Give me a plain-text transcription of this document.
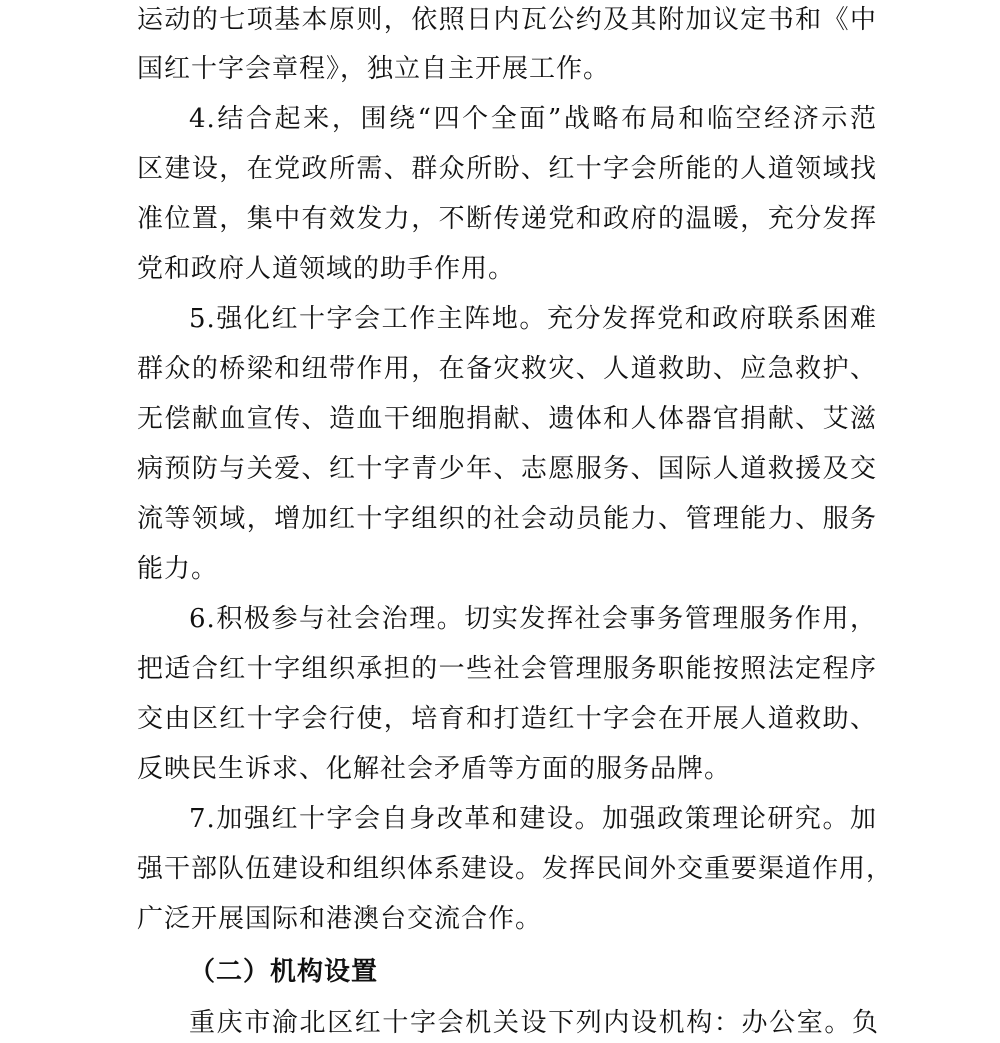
运动的七项基本原则，依照日内瓦公约及其附加议定书和《中
国红十字会章程》，独立自主开展工作。
4.结合起来，围绕“四个全面”战略布局和临空经济示范
区建设，在党政所需、群众所盼、红十字会所能的人道领域找
准位置，集中有效发力，不断传递党和政府的温暖，充分发挥
党和政府人道领域的助手作用。
5.强化红十字会工作主阵地。充分发挥党和政府联系困难
群众的桥梁和纽带作用，在备灾救灾、人道救助、应急救护、
无偿献血宣传、造血干细胞捐献、遗体和人体器官捐献、艾滋
病预防与关爱、红十字青少年、志愿服务、国际人道救援及交
流等领域，增加红十字组织的社会动员能力、管理能力、服务
能力。
6.积极参与社会治理。切实发挥社会事务管理服务作用，
把适合红十字组织承担的一些社会管理服务职能按照法定程序
交由区红十字会行使，培育和打造红十字会在开展人道救助、
反映民生诉求、化解社会矛盾等方面的服务品牌。
7.加强红十字会自身改革和建设。加强政策理论研究。加
强干部队伍建设和组织体系建设。发挥民间外交重要渠道作用，
广泛开展国际和港澳台交流合作。
（二）机构设置
重庆市渝北区红十字会机关设下列内设机构：办公室。负
